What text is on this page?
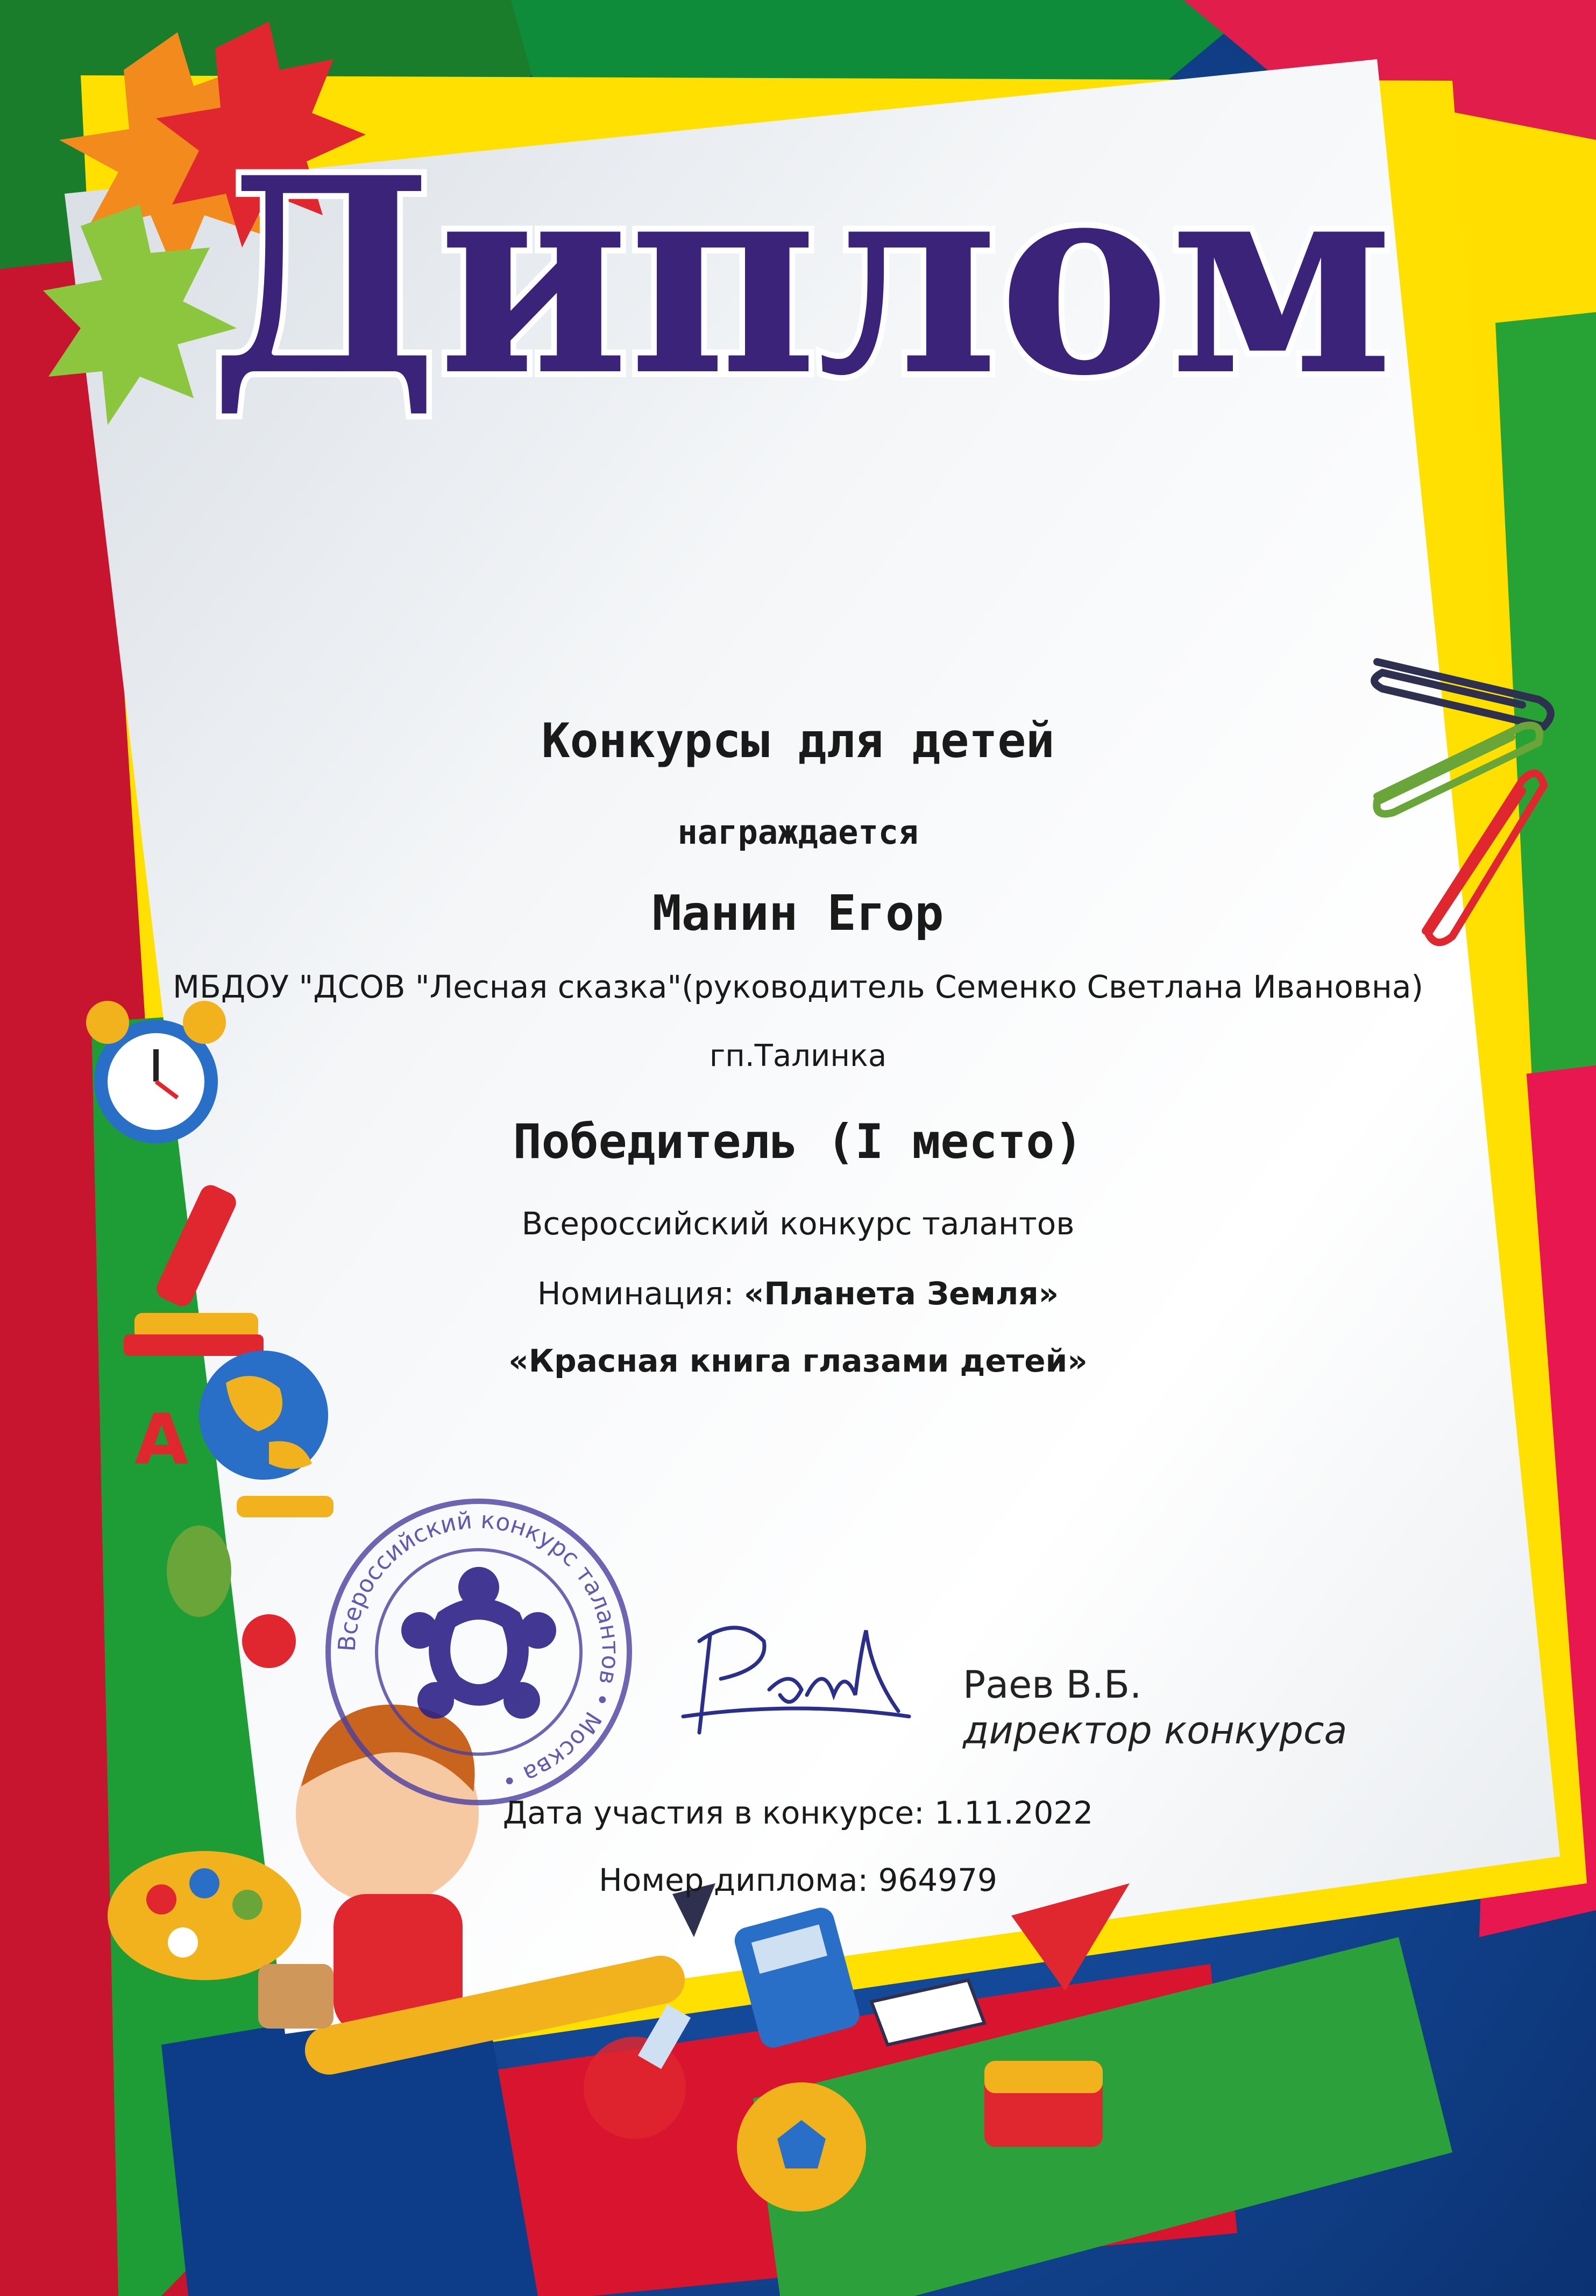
А
Диплом
Конкурсы для детей
награждается
Манин Егор
МБДОУ "ДСОВ "Лесная сказка"(руководитель Семенко Светлана Ивановна)
гп.Талинка
Победитель (I место)
Всероссийский конкурс талантов
Номинация: «Планета Земля»
«Красная книга глазами детей»
Всероссийский конкурс талантов • Москва •
Раев В.Б.
директор конкурса
Дата участия в конкурсе: 1.11.2022
Номер диплома: 964979
